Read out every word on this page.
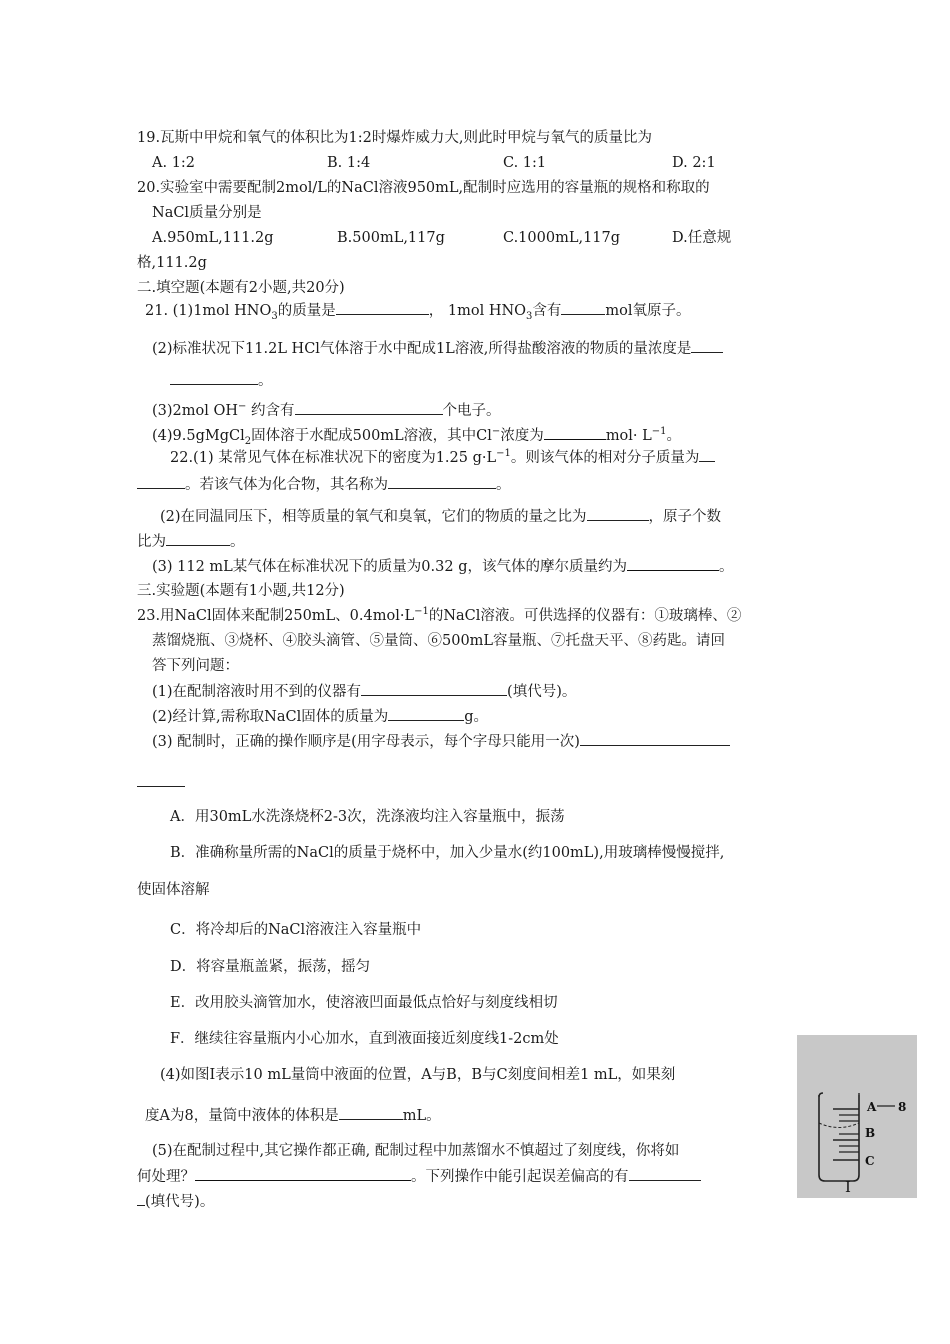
19.瓦斯中甲烷和氧气的体积比为1:2时爆炸威力大,则此时甲烷与氧气的质量比为
A. 1:2	B. 1:4	C. 1:1	D. 2:1
20.实验室中需要配制2mol/L的NaCl溶液950mL,配制时应选用的容量瓶的规格和称取的
NaCl质量分别是
A.950mL,111.2g	B.500mL,117g	C.1000mL,117g	D.任意规
格,111.2g
二.填空题(本题有2小题,共20分)
21. (1)1mol $HNO_3$的质量是	， 1mol $HNO_3$含有	mol氧原子。
(2)标准状况下11.2L HCl气体溶于水中配成1L溶液,所得盐酸溶液的物质的量浓度是
。
(3)2mol OH− 约含有	个电子。
(4)9.5gMgCl$_2$固体溶于水配成500mL溶液，其中Cl−浓度为	$mol\cdot L^{-1}$。
22.(1) 某常见气体在标准状况下的密度为1.25 $g\cdot L^{-1}$。则该气体的相对分子质量为
。若该气体为化合物，其名称为	。
(2)在同温同压下，相等质量的氧气和臭氧，它们的物质的量之比为	，原子个数
比为	。
(3) 112 mL某气体在标准状况下的质量为0.32 g，该气体的摩尔质量约为	。
三.实验题(本题有1小题,共12分)
23.用NaCl固体来配制250mL、$0.4mol\cdot L^{-1}$的NaCl溶液。可供选择的仪器有：①玻璃棒、②
蒸馏烧瓶、③烧杯、④胶头滴管、⑤量筒、⑥500mL容量瓶、⑦托盘天平、⑧药匙。请回
答下列问题：
(1)在配制溶液时用不到的仪器有	(填代号)。
(2)经计算,需称取NaCl固体的质量为	g。
(3) 配制时，正确的操作顺序是(用字母表示，每个字母只能用一次)
A．用30mL水洗涤烧杯2-3次，洗涤液均注入容量瓶中，振荡
B．准确称量所需的NaCl的质量于烧杯中，加入少量水(约100mL),用玻璃棒慢慢搅拌,
使固体溶解
C．将冷却后的NaCl溶液注入容量瓶中
D．将容量瓶盖紧，振荡，摇匀
E．改用胶头滴管加水，使溶液凹面最低点恰好与刻度线相切
F．继续往容量瓶内小心加水，直到液面接近刻度线1-2cm处
(4)如图Ⅰ表示10 mL量筒中液面的位置，A与B，B与C刻度间相差1 mL，如果刻
度A为8，量筒中液体的体积是	mL。
(5)在配制过程中,其它操作都正确, 配制过程中加蒸馏水不慎超过了刻度线，你将如
何处理？	。下列操作中能引起误差偏高的有
(填代号)。
A 8
B
C
I
